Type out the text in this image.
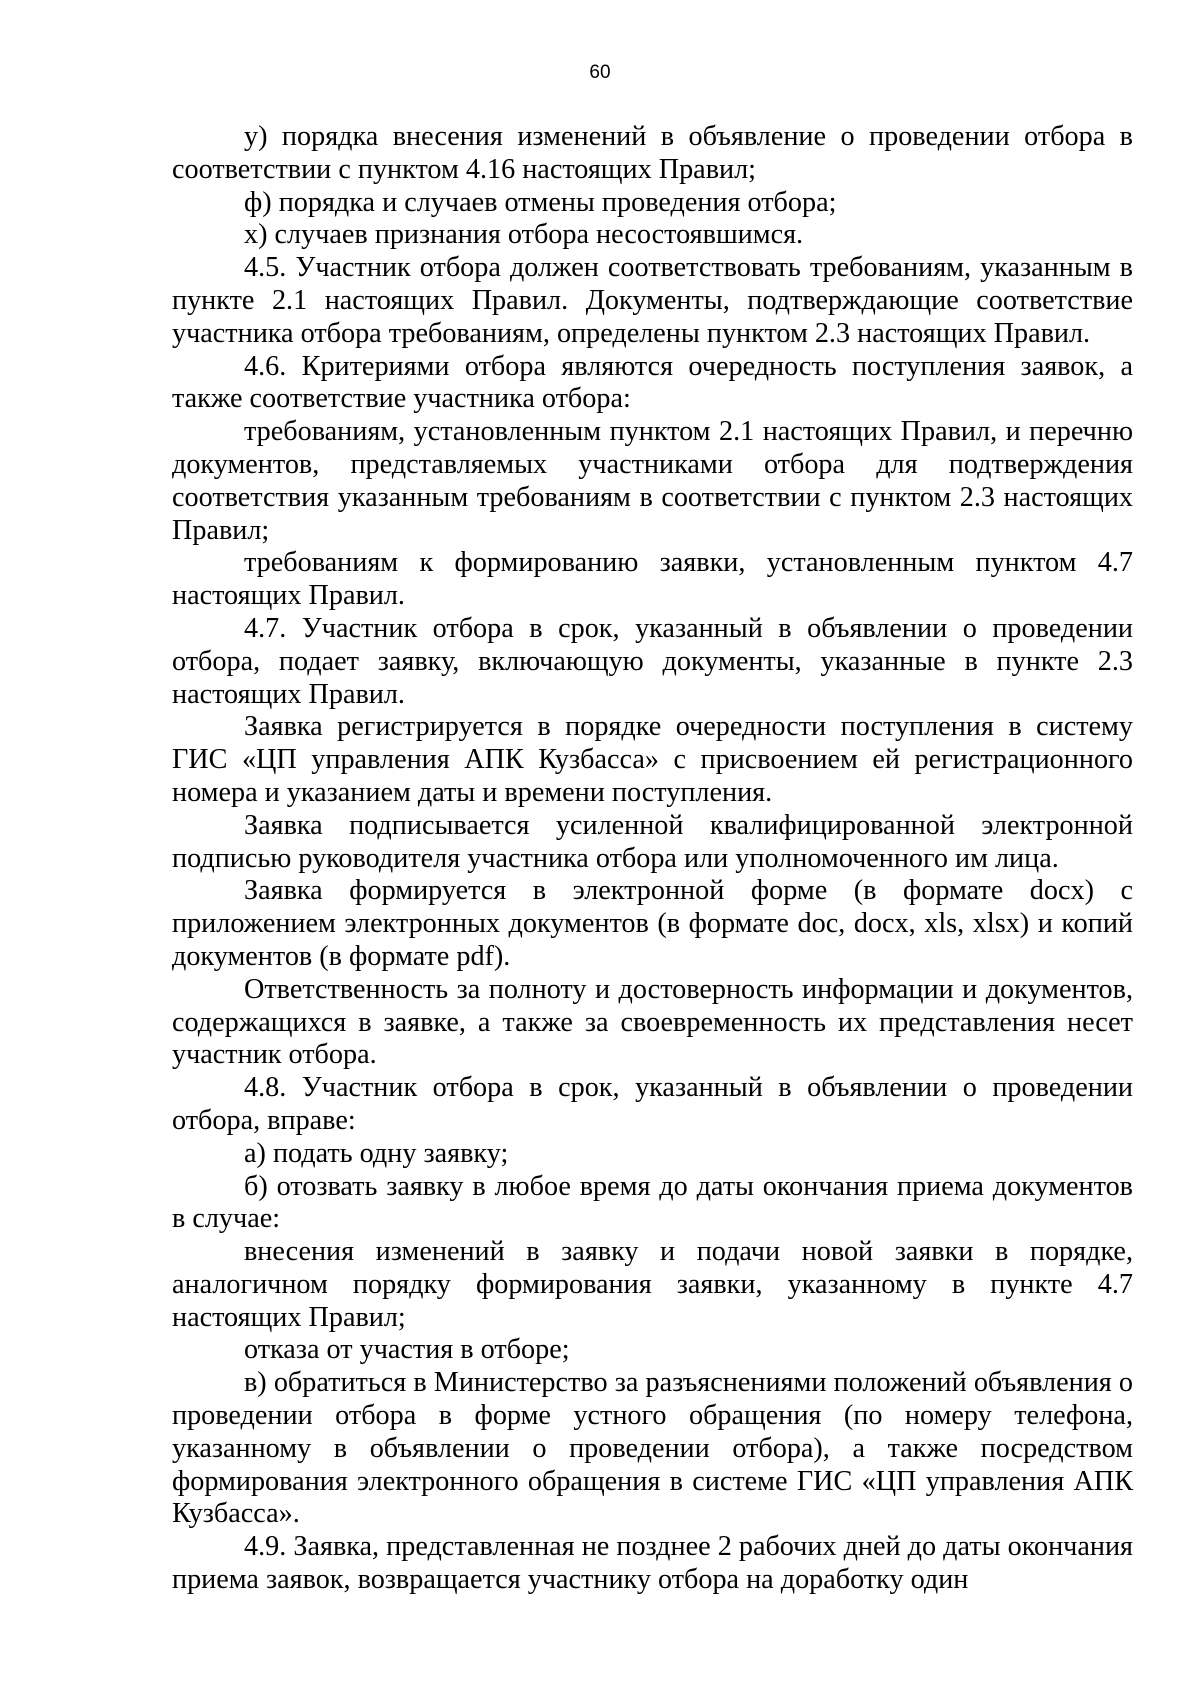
60

у) порядка внесения изменений в объявление о проведении отбора в соответствии с пунктом 4.16 настоящих Правил;

ф) порядка и случаев отмены проведения отбора;

х) случаев признания отбора несостоявшимся.

4.5. Участник отбора должен соответствовать требованиям, указанным в пункте 2.1 настоящих Правил. Документы, подтверждающие соответствие участника отбора требованиям, определены пунктом 2.3 настоящих Правил.

4.6. Критериями отбора являются очередность поступления заявок, а также соответствие участника отбора:

требованиям, установленным пунктом 2.1 настоящих Правил, и перечню документов, представляемых участниками отбора для подтверждения соответствия указанным требованиям в соответствии с пунктом 2.3 настоящих Правил;

требованиям к формированию заявки, установленным пунктом 4.7 настоящих Правил.

4.7. Участник отбора в срок, указанный в объявлении о проведении отбора, подает заявку, включающую документы, указанные в пункте 2.3 настоящих Правил.

Заявка регистрируется в порядке очередности поступления в систему ГИС «ЦП управления АПК Кузбасса» с присвоением ей регистрационного номера и указанием даты и времени поступления.

Заявка подписывается усиленной квалифицированной электронной подписью руководителя участника отбора или уполномоченного им лица.

Заявка формируется в электронной форме (в формате docx) с приложением электронных документов (в формате doc, docx, xls, xlsx) и копий документов (в формате pdf).

Ответственность за полноту и достоверность информации и документов, содержащихся в заявке, а также за своевременность их представления несет участник отбора.

4.8. Участник отбора в срок, указанный в объявлении о проведении отбора, вправе:

а) подать одну заявку;

б) отозвать заявку в любое время до даты окончания приема документов в случае:

внесения изменений в заявку и подачи новой заявки в порядке, аналогичном порядку формирования заявки, указанному в пункте 4.7 настоящих Правил;

отказа от участия в отборе;

в) обратиться в Министерство за разъяснениями положений объявления о проведении отбора в форме устного обращения (по номеру телефона, указанному в объявлении о проведении отбора), а также посредством формирования электронного обращения в системе ГИС «ЦП управления АПК Кузбасса».

4.9. Заявка, представленная не позднее 2 рабочих дней до даты окончания приема заявок, возвращается участнику отбора на доработку один
